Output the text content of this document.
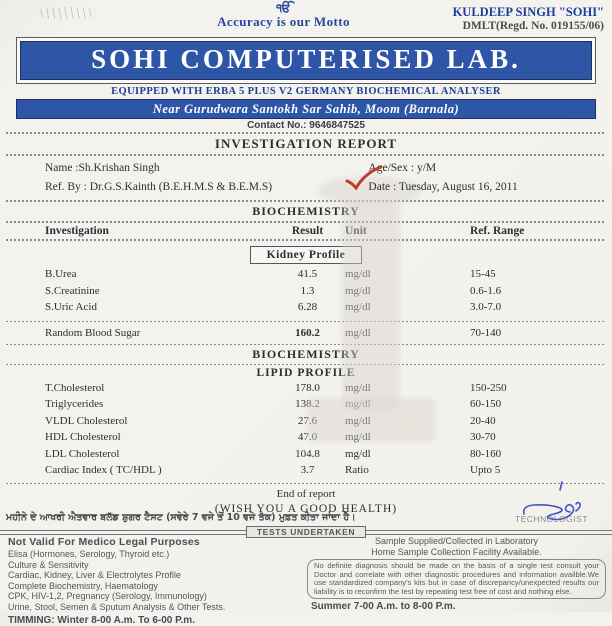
ੴ
Accuracy is our Motto
KULDEEP SINGH "SOHI"
DMLT(Regd. No. 019155/06)
SOHI COMPUTERISED LAB.
EQUIPPED WITH ERBA 5 PLUS V2 GERMANY BIOCHEMICAL ANALYSER
Near Gurudwara Santokh Sar Sahib, Moom (Barnala)
Contact No.: 9646847525
INVESTIGATION REPORT
Name :Sh.Krishan Singh	Age/Sex : y/M
Ref. By : Dr.G.S.Kainth (B.E.H.M.S & B.E.M.S)	Date : Tuesday, August 16, 2011
BIOCHEMISTRY
Investigation	Result	Unit	Ref. Range
Kidney Profile
B.Urea	41.5	mg/dl	15-45
S.Creatinine	1.3	mg/dl	0.6-1.6
S.Uric Acid	6.28	mg/dl	3.0-7.0
Random Blood Sugar	160.2	mg/dl	70-140
BIOCHEMISTRY
LIPID PROFILE
T.Cholesterol	178.0	mg/dl	150-250
Triglycerides	138.2	mg/dl	60-150
VLDL Cholesterol	27.6	mg/dl	20-40
HDL Cholesterol	47.0	mg/dl	30-70
LDL Cholesterol	104.8	mg/dl	80-160
Cardiac Index ( TC/HDL )	3.7	Ratio	Upto 5
End of report
(WISH YOU A GOOD HEALTH)
TECHNOLOGIST
ਮਹੀਨੇ ਦੇ ਆਖਰੀ ਐਤਵਾਰ ਬਲੱਡ ਸ਼ੁਗਰ ਟੈਸਟ (ਸਵੇਰੇ 7 ਵਜੇ ਤੋਂ 10 ਵਜੇ ਤੱਕ) ਮੁਫ਼ਤ ਕੀਤਾ ਜਾਂਦਾ ਹੈ।
TESTS UNDERTAKEN
Not Valid For Medico Legal Purposes
Elisa (Hormones, Serology, Thyroid etc.)
Culture & Sensitivity
Cardiac, Kidney, Liver & Electrolytes Profile
Complete Biochemistry, Haematology
CPK, HIV-1,2, Pregnancy (Serology, Immunology)
Urine, Stool, Semen & Sputum Analysis & Other Tests.
TIMMING: Winter 8-00 A.m. To 6-00 P.m.
Sample Supplied/Collected in Laboratory
Home Sample Collection Facility Available.
No definite diagnosis should be made on the basis of a single test consult your Doctor and correlate with other diagnostic procedures and information availble.We use standardized company's kits but in case of discrepancy/unexpected results our liability is to reconfirm the test by repeating test free of cost and nothing else.
Summer 7-00 A.m. to 8-00 P.m.
